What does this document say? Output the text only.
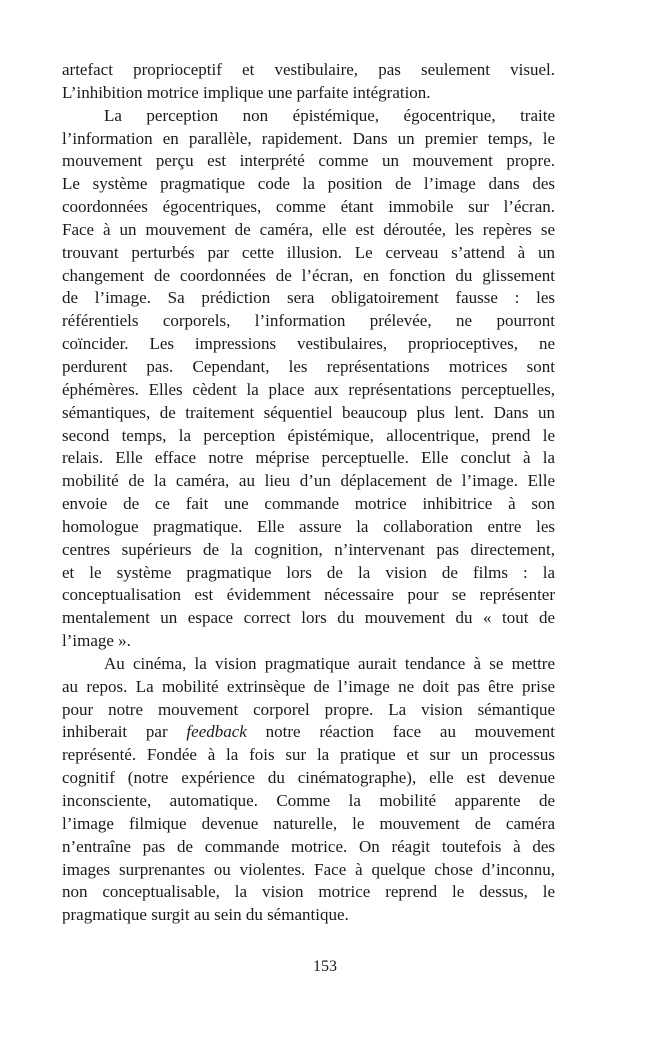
artefact proprioceptif et vestibulaire, pas seulement visuel.
L’inhibition motrice implique une parfaite intégration.
La perception non épistémique, égocentrique, traite
l’information en parallèle, rapidement. Dans un premier temps, le
mouvement perçu est interprété comme un mouvement propre.
Le système pragmatique code la position de l’image dans des
coordonnées égocentriques, comme étant immobile sur l’écran.
Face à un mouvement de caméra, elle est déroutée, les repères se
trouvant perturbés par cette illusion. Le cerveau s’attend à un
changement de coordonnées de l’écran, en fonction du glissement
de l’image. Sa prédiction sera obligatoirement fausse : les
référentiels corporels, l’information prélevée, ne pourront
coïncider. Les impressions vestibulaires, proprioceptives, ne
perdurent pas. Cependant, les représentations motrices sont
éphémères. Elles cèdent la place aux représentations perceptuelles,
sémantiques, de traitement séquentiel beaucoup plus lent. Dans un
second temps, la perception épistémique, allocentrique, prend le
relais. Elle efface notre méprise perceptuelle. Elle conclut à la
mobilité de la caméra, au lieu d’un déplacement de l’image. Elle
envoie de ce fait une commande motrice inhibitrice à son
homologue pragmatique. Elle assure la collaboration entre les
centres supérieurs de la cognition, n’intervenant pas directement,
et le système pragmatique lors de la vision de films : la
conceptualisation est évidemment nécessaire pour se représenter
mentalement un espace correct lors du mouvement du « tout de
l’image ».
Au cinéma, la vision pragmatique aurait tendance à se mettre
au repos. La mobilité extrinsèque de l’image ne doit pas être prise
pour notre mouvement corporel propre. La vision sémantique
inhiberait par feedback notre réaction face au mouvement
représenté. Fondée à la fois sur la pratique et sur un processus
cognitif (notre expérience du cinématographe), elle est devenue
inconsciente, automatique. Comme la mobilité apparente de
l’image filmique devenue naturelle, le mouvement de caméra
n’entraîne pas de commande motrice. On réagit toutefois à des
images surprenantes ou violentes. Face à quelque chose d’inconnu,
non conceptualisable, la vision motrice reprend le dessus, le
pragmatique surgit au sein du sémantique.
153
